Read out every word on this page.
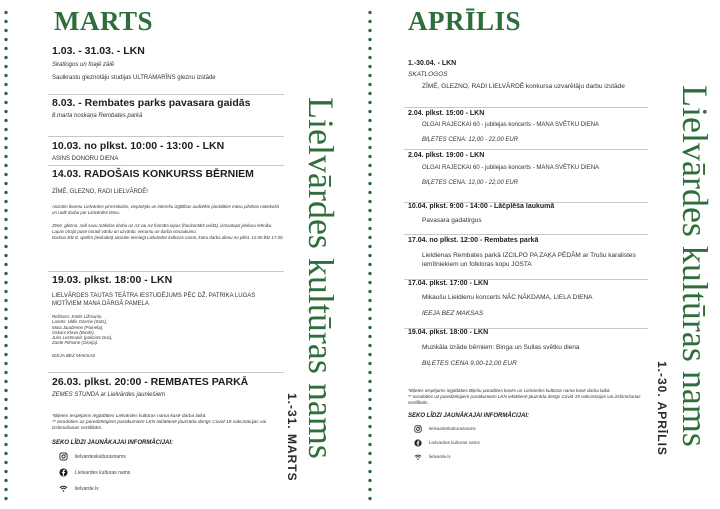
MARTS
1.03. - 31.03. - LKN
Skatlogos un foajē zālē
Saulkrastu gleznotāju studijas ULTRAMARĪNS gleznu izstāde
8.03. - Rembates parks pavasara gaidās
8.marta noskaņa Rembates parkā
10.03. no plkst. 10:00 - 13:00 - LKN
ASINS DONORU DIENA
14.03. RADOŠAIS KONKURSS BĒRNIEM
ZĪMĒ, GLEZNO, RADI LIELVĀRDĒ!
Aicinām ikvienu Lielvārdes pirmsskolas, vispārējās un interešu izglītības audzēkni piedalīties mūsu pilsētas notiekošā un radīt darbu par Lielvārdes tēmu.
Zīmē, glezno, radi savu mākslas darbu uz A3 vai A4 formāta lapas (horizontālā veidā), izmantojot jebkuru tehniku. Lapas otrajā pusē norādi vārdu un uzvārdu, vecumu un darba nosaukumu.
Darbus līdz 8. aprīlim (ieskaitot) aicinām iesniegt Lielvārdes kultūras namā, katru darba dienu no plkst. 12.00 līdz 17.00.
19.03. plkst. 18:00 - LKN
LIELVĀRDES TAUTAS TEĀTRA IESTUDĒJUMS PĒC DŽ. PATRIKA LUGAS MOTĪVIEM MANA DĀRGĀ PAMELA
Režisors: Kārlis Ližmanis,
Lomās: Uldis Ozerne (Sots),
Maia Jaudzeme (Pamela),
Oskars Klava (Brods),
Juris Lostmanis (policists Dos),
Zante Pilmane (Glorija).
IEEJA BEZ MAKSAS
26.03. plkst. 20:00 - REMBATES PARKĀ
ZEMES STUNDA ar Lielvārdes jauniešiem
*Biļetes iespējams iegādāties Lielvārdes kultūras nama kasē darba laikā.
** Ierodoties uz paredzētajiem pasākumiem LKN ieklātienē jāuzrāda derīgs Covid-19 vakcinācijas vai izslimošanas sertifikāts.
SEKO LĪDZI JAUNĀKAJAI INFORMĀCIJAI:
lielvardeskulturasnams
Lielvardes kulturas nams
lielvarde.lv
Lielvārdes kultūras nams
1.-31. MARTS
APRĪLIS
1.-30.04. - LKN
SKATLOGOS
ZĪMĒ, GLEZNO, RADI LIELVĀRDĒ konkursa uzvarētāju darbu izstāde
2.04. plkst. 15:00 - LKN
OLGAI RAJECKAI 60 - jubilejas koncerts - MANA SVĒTKU DIENA
BIĻETES CENA: 12,00 - 22,00 EUR
2.04. plkst. 19:00 - LKN
OLGAI RAJECKAI 60 - jubilejas koncerts - MANA SVĒTKU DIENA
BIĻETES CENA: 12,00 - 22,00 EUR
10.04. plkst. 9:00 - 14:00 - Lāčplēša laukumā
Pavasara gadatirgus
17.04. no plkst. 12:00 - Rembates parkā
Lieldienas Rembates parkā IZCILPO PA ZAĶA PĒDĀM ar Trušu karalistes iemītniekiem un folkloras kopu JOSTA
17.04. plkst. 17:00 - LKN
Mikaušu Lieldienu koncerts NĀC NĀKDAMA, LIELA DIENA
IEEJA BEZ MAKSAS
19.04. plkst. 18:00 - LKN
Muzikāla izrāde bērniem: Binga un Sullas svētku diena
BIĻETES CENA 9,00-12,00 EUR
*Biļetes iespējams iegādāties Biļešu paradīzes kasēs un Lielvārdes kultūras nama kasē darba laikā.
** Ierodoties uz paredzētajiem pasākumiem LKN ieklātienē jāuzrāda derīgs Covid-19 vakcinācijas vai izslimošanas sertifikāts.
SEKO LĪDZI JAUNĀKAJAI INFORMĀCIJAI:
lielvardeskulturasnams
Lielvardes kulturas nams
lielvarde.lv
Lielvārdes kultūras nams
1.-30. APRĪLIS
